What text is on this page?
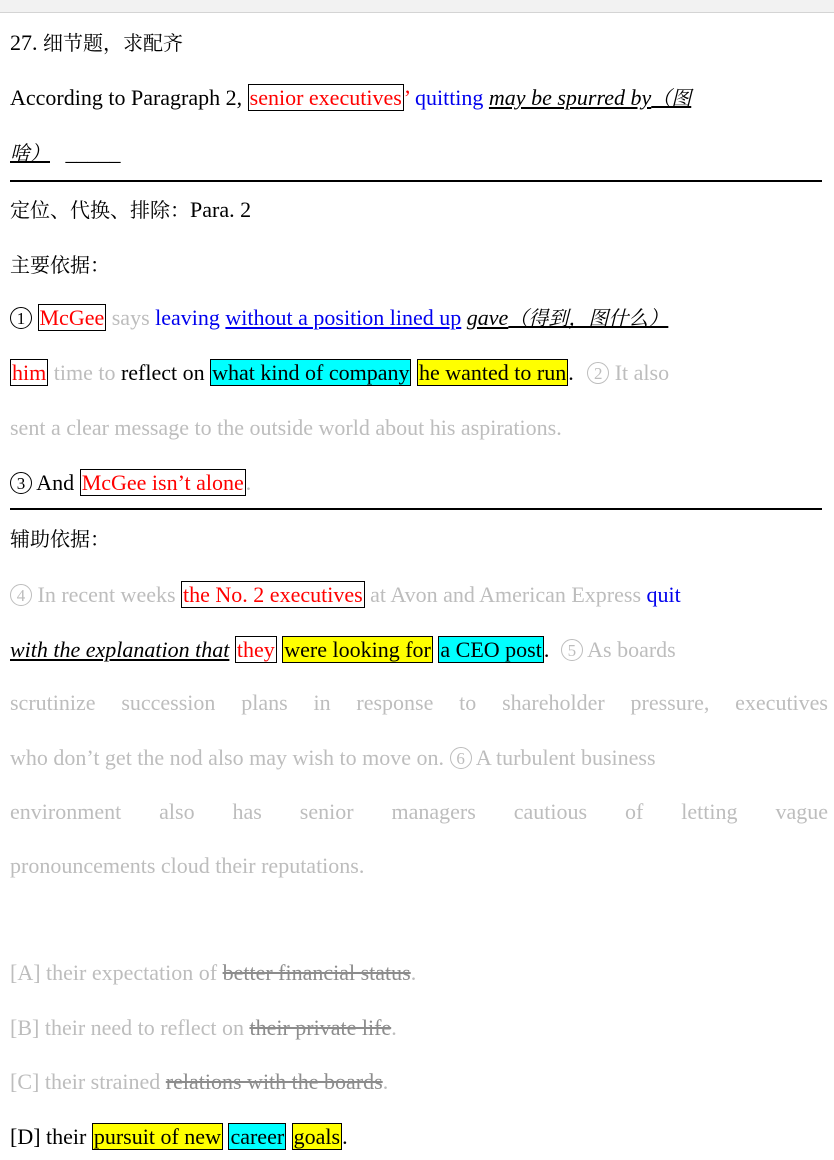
27. 细节题，求配齐
According to Paragraph 2, senior executives’ quitting may be spurred by（图
啥） _____
定位、代换、排除：Para. 2
主要依据：
1 McGee says leaving without a position lined up gave（得到，图什么）
him time to reflect on what kind of company he wanted to run. 2 It also
sent a clear message to the outside world about his aspirations.
3 And McGee isn’t alone.
辅助依据：
4 In recent weeks the No. 2 executives at Avon and American Express quit
with the explanation that they were looking for a CEO post. 5 As boards
scrutinize succession plans in response to shareholder pressure, executives
who don’t get the nod also may wish to move on. 6 A turbulent business
environment also has senior managers cautious of letting vague
pronouncements cloud their reputations.
[A] their expectation of better financial status.
[B] their need to reflect on their private life.
[C] their strained relations with the boards.
[D] their pursuit of new career goals.
